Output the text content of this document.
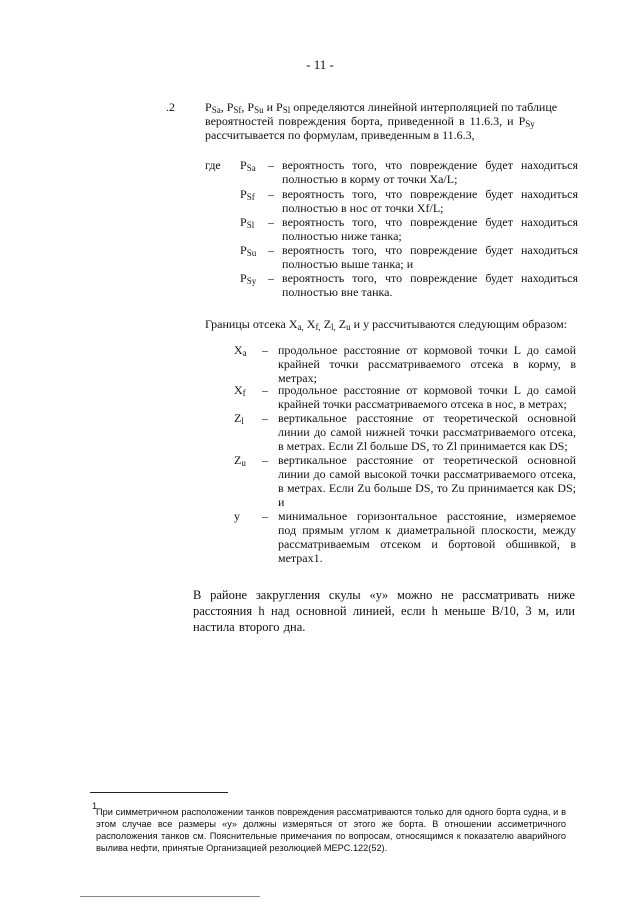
- 11 -
.2	$P_{Sa}$, $P_{Sf}$, $P_{Su}$ и $P_{Sl}$ определяются линейной интерполяцией по таблице
вероятностей повреждения борта, приведенной в 11.6.3, и $P_{Sy}$
рассчитывается по формулам, приведенным в 11.6.3,
где $P_{Sa}$ – вероятность того, что повреждение будет находиться полностью в корму от точки Xa/L;
$P_{Sf}$ – вероятность того, что повреждение будет находиться полностью в нос от точки Xf/L;
$P_{Sl}$ – вероятность того, что повреждение будет находиться полностью ниже танка;
$P_{Su}$ – вероятность того, что повреждение будет находиться полностью выше танка; и
$P_{Sy}$ – вероятность того, что повреждение будет находиться полностью вне танка.
Границы отсека $X_{a,}$ $X_{f,}$ $Z_{l,}$ $Z_u$ и y рассчитываются следующим образом:
$X_a$ – продольное расстояние от кормовой точки L до самой крайней точки рассматриваемого отсека в корму, в метрах;
$X_f$ – продольное расстояние от кормовой точки L до самой крайней точки рассматриваемого отсека в нос, в метрах;
$Z_l$ – вертикальное расстояние от теоретической основной линии до самой нижней точки рассматриваемого отсека, в метрах. Если Zl больше DS, то Zl принимается как DS;
$Z_u$ – вертикальное расстояние от теоретической основной линии до самой высокой точки рассматриваемого отсека, в метрах. Если Zu больше DS, то Zu принимается как DS; и
y – минимальное горизонтальное расстояние, измеряемое под прямым углом к диаметральной плоскости, между рассматриваемым отсеком и бортовой обшивкой, в метрах1.
В районе закругления скулы «y» можно не рассматривать ниже расстояния h над основной линией, если h меньше B/10, 3 м, или настила второго дна.
1
При симметричном расположении танков повреждения рассматриваются только для одного борта судна, и в этом случае все размеры «y» должны измеряться от этого же борта. В отношении ассиметричного расположения танков см. Пояснительные примечания по вопросам, относящимся к показателю аварийного вылива нефти, принятые Организацией резолюцией MEPC.122(52).
